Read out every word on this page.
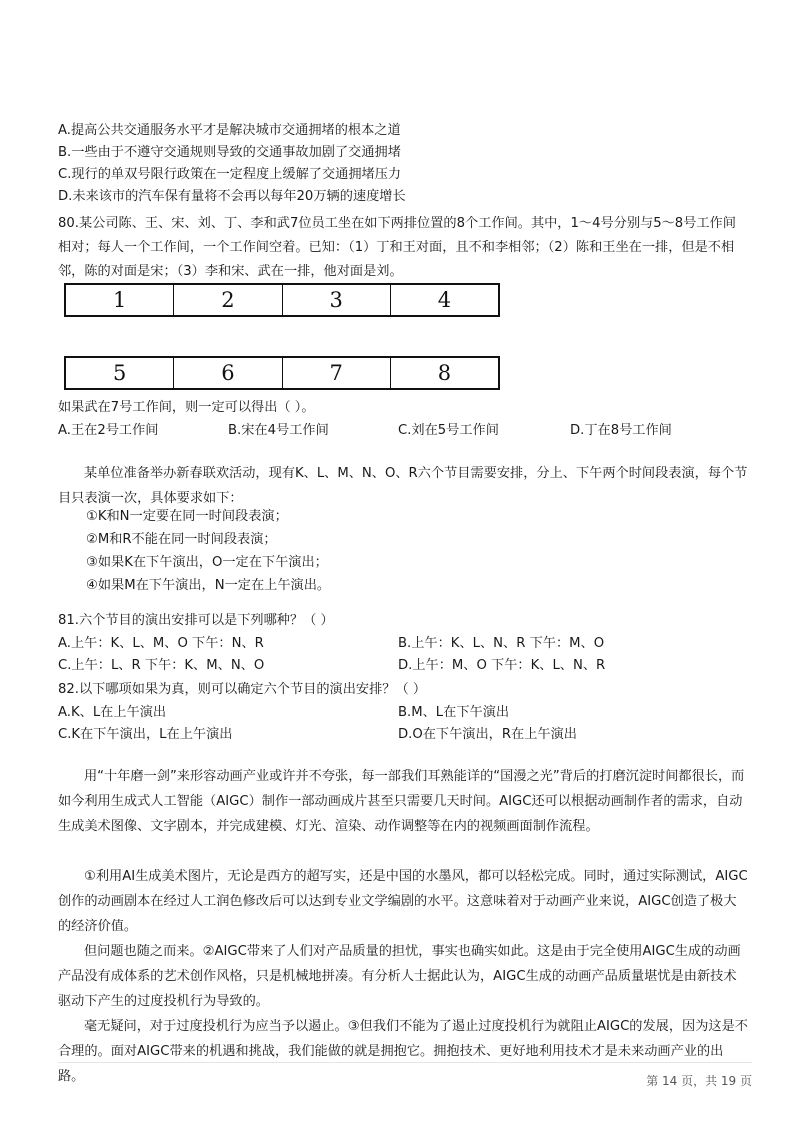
A.提高公共交通服务水平才是解决城市交通拥堵的根本之道
B.一些由于不遵守交通规则导致的交通事故加剧了交通拥堵
C.现行的单双号限行政策在一定程度上缓解了交通拥堵压力
D.未来该市的汽车保有量将不会再以每年20万辆的速度增长
80.某公司陈、王、宋、刘、丁、李和武7位员工坐在如下两排位置的8个工作间。其中，1～4号分别与5～8号工作间相对；每人一个工作间，一个工作间空着。已知：（1）丁和王对面，且不和李相邻；（2）陈和王坐在一排，但是不相邻，陈的对面是宋；（3）李和宋、武在一排，他对面是刘。
1	2	3	4
5	6	7	8
如果武在7号工作间，则一定可以得出（ ）。
A.王在2号工作间	B.宋在4号工作间	C.刘在5号工作间	D.丁在8号工作间
某单位准备举办新春联欢活动，现有K、L、M、N、O、R六个节目需要安排，分上、下午两个时间段表演，每个节目只表演一次，具体要求如下：
①K和N一定要在同一时间段表演；
②M和R不能在同一时间段表演；
③如果K在下午演出，O一定在下午演出；
④如果M在下午演出，N一定在上午演出。
81.六个节目的演出安排可以是下列哪种？（ ）
A.上午：K、L、M、O 下午：N、R	B.上午：K、L、N、R 下午：M、O
C.上午：L、R 下午：K、M、N、O	D.上午：M、O 下午：K、L、N、R
82.以下哪项如果为真，则可以确定六个节目的演出安排？（ ）
A.K、L在上午演出	B.M、L在下午演出
C.K在下午演出，L在上午演出	D.O在下午演出，R在上午演出
用“十年磨一剑”来形容动画产业或许并不夸张，每一部我们耳熟能详的“国漫之光”背后的打磨沉淀时间都很长，而如今利用生成式人工智能（AIGC）制作一部动画成片甚至只需要几天时间。AIGC还可以根据动画制作者的需求，自动生成美术图像、文字剧本，并完成建模、灯光、渲染、动作调整等在内的视频画面制作流程。
①利用AI生成美术图片，无论是西方的超写实，还是中国的水墨风，都可以轻松完成。同时，通过实际测试，AIGC创作的动画剧本在经过人工润色修改后可以达到专业文学编剧的水平。这意味着对于动画产业来说，AIGC创造了极大的经济价值。
但问题也随之而来。②AIGC带来了人们对产品质量的担忧，事实也确实如此。这是由于完全使用AIGC生成的动画产品没有成体系的艺术创作风格，只是机械地拼凑。有分析人士据此认为，AIGC生成的动画产品质量堪忧是由新技术驱动下产生的过度投机行为导致的。
毫无疑问，对于过度投机行为应当予以遏止。③但我们不能为了遏止过度投机行为就阻止AIGC的发展，因为这是不合理的。面对AIGC带来的机遇和挑战，我们能做的就是拥抱它。拥抱技术、更好地利用技术才是未来动画产业的出路。	第 14 页，共 19 页
